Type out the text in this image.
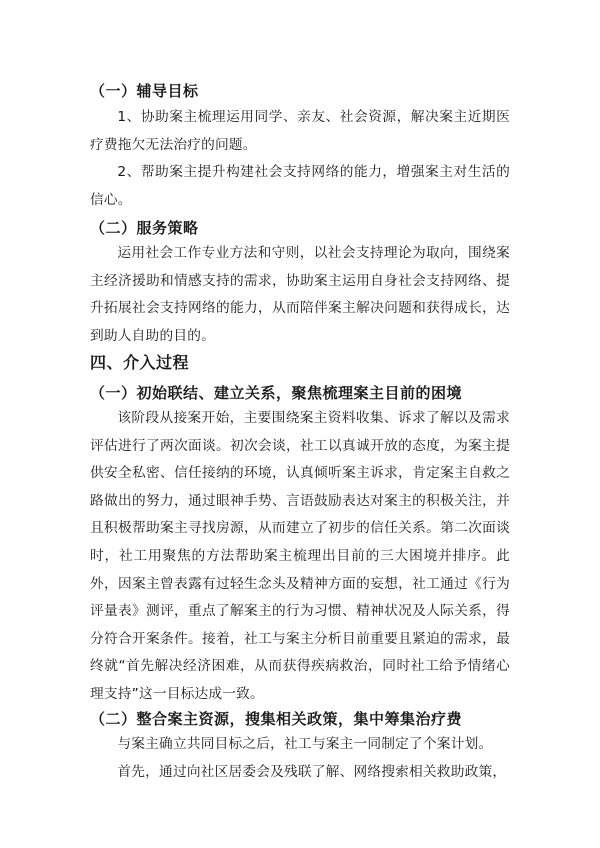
（一）辅导目标
1、协助案主梳理运用同学、亲友、社会资源，解决案主近期医疗费拖欠无法治疗的问题。
2、帮助案主提升构建社会支持网络的能力，增强案主对生活的信心。
（二）服务策略
运用社会工作专业方法和守则，以社会支持理论为取向，围绕案主经济援助和情感支持的需求，协助案主运用自身社会支持网络、提升拓展社会支持网络的能力，从而陪伴案主解决问题和获得成长，达到助人自助的目的。
四、介入过程
（一）初始联结、建立关系，聚焦梳理案主目前的困境
该阶段从接案开始，主要围绕案主资料收集、诉求了解以及需求评估进行了两次面谈。初次会谈，社工以真诚开放的态度，为案主提供安全私密、信任接纳的环境，认真倾听案主诉求，肯定案主自救之路做出的努力，通过眼神手势、言语鼓励表达对案主的积极关注，并且积极帮助案主寻找房源，从而建立了初步的信任关系。第二次面谈时，社工用聚焦的方法帮助案主梳理出目前的三大困境并排序。此外，因案主曾表露有过轻生念头及精神方面的妄想，社工通过《行为评量表》测评，重点了解案主的行为习惯、精神状况及人际关系，得分符合开案条件。接着，社工与案主分析目前重要且紧迫的需求，最终就“首先解决经济困难，从而获得疾病救治，同时社工给予情绪心理支持”这一目标达成一致。
（二）整合案主资源，搜集相关政策，集中筹集治疗费
与案主确立共同目标之后，社工与案主一同制定了个案计划。
首先，通过向社区居委会及残联了解、网络搜索相关救助政策，
